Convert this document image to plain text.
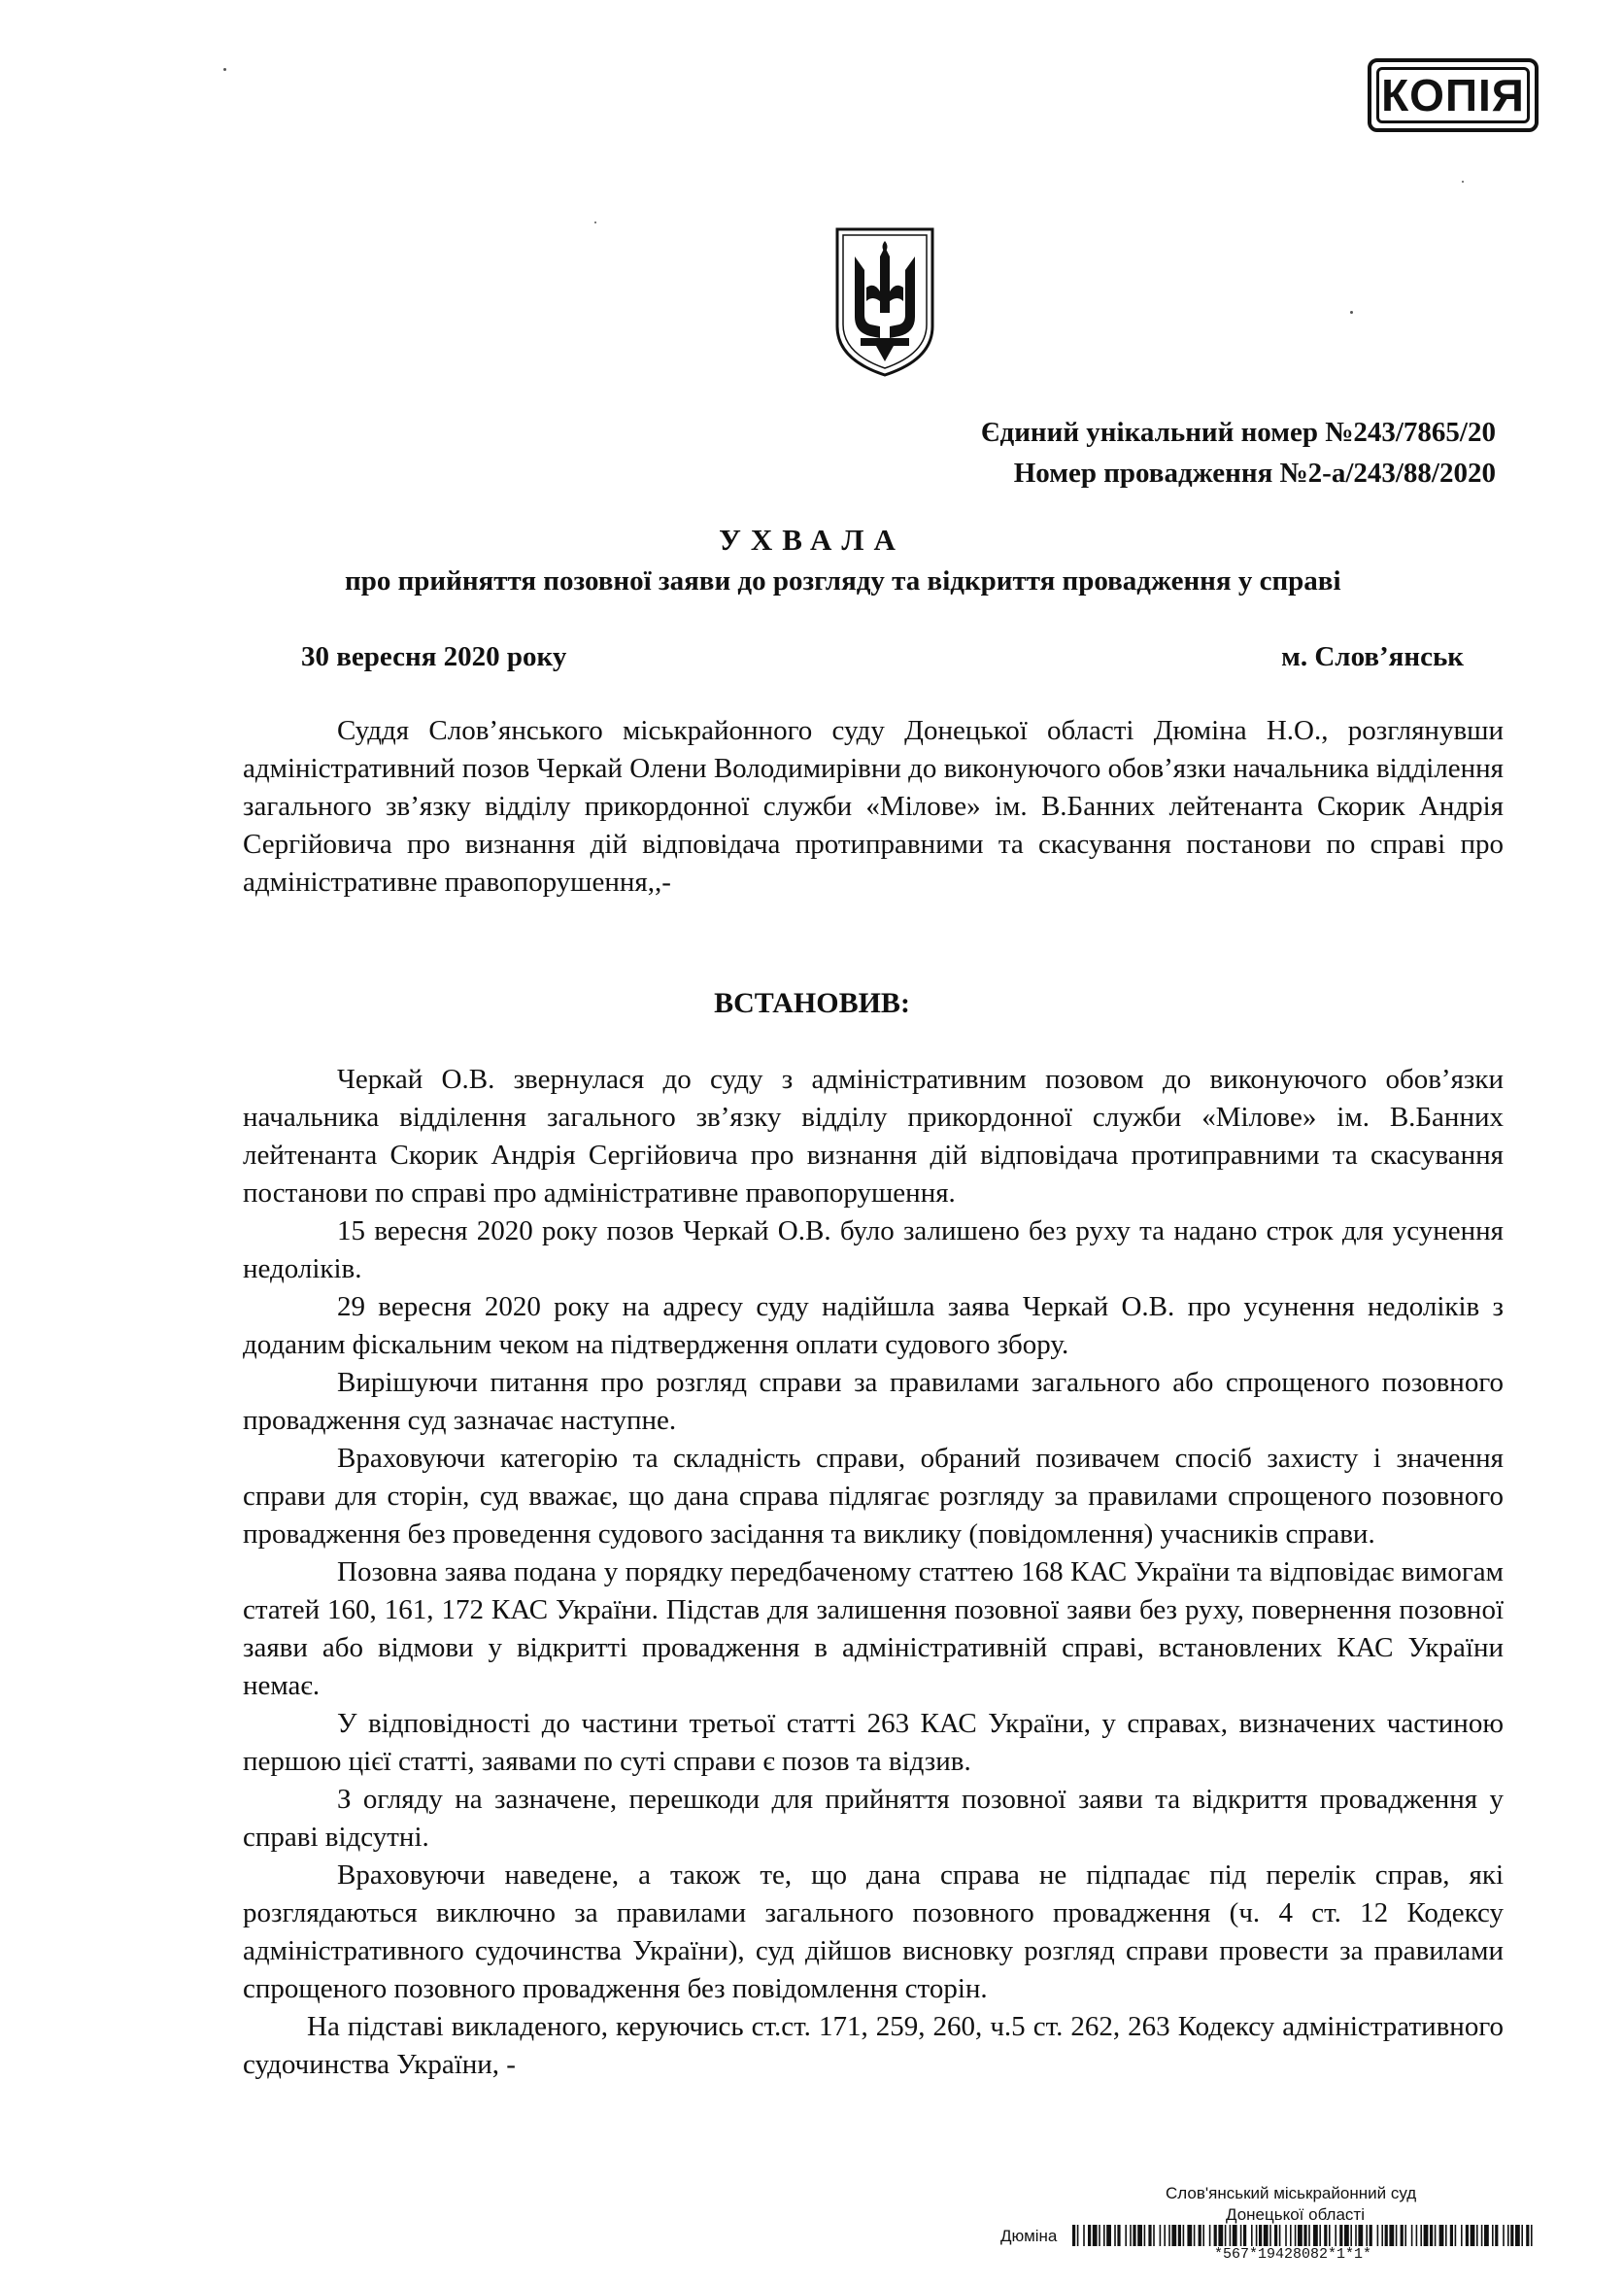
КОПІЯ
Єдиний унікальний номер №243/7865/20
Номер провадження №2-а/243/88/2020
УХВАЛА
про прийняття позовної заяви до розгляду та відкриття провадження у справі
30 вересня 2020 року	м. Слов’янськ

Суддя Слов’янського міськрайонного суду Донецької області Дюміна Н.О., розглянувши адміністративний позов Черкай Олени Володимирівни до виконуючого обов’язки начальника відділення загального зв’язку відділу прикордонної служби «Мілове» ім. В.Банних лейтенанта Скорик Андрія Сергійовича про визнання дій відповідача протиправними та скасування постанови по справі про адміністративне правопорушення,,-

ВСТАНОВИВ:

Черкай О.В. звернулася до суду з адміністративним позовом до виконуючого обов’язки начальника відділення загального зв’язку відділу прикордонної служби «Мілове» ім. В.Банних лейтенанта Скорик Андрія Сергійовича про визнання дій відповідача протиправними та скасування постанови по справі про адміністративне правопорушення.

15 вересня 2020 року позов Черкай О.В. було залишено без руху та надано строк для усунення недоліків.

29 вересня 2020 року на адресу суду надійшла заява Черкай О.В. про усунення недоліків з доданим фіскальним чеком на підтвердження оплати судового збору.

Вирішуючи питання про розгляд справи за правилами загального або спрощеного позовного провадження суд зазначає наступне.

Враховуючи категорію та складність справи, обраний позивачем спосіб захисту і значення справи для сторін, суд вважає, що дана справа підлягає розгляду за правилами спрощеного позовного провадження без проведення судового засідання та виклику (повідомлення) учасників справи.

Позовна заява подана у порядку передбаченому статтею 168 КАС України та відповідає вимогам статей 160, 161, 172 КАС України. Підстав для залишення позовної заяви без руху, повернення позовної заяви або відмови у відкритті провадження в адміністративній справі, встановлених КАС України немає.

У відповідності до частини третьої статті 263 КАС України, у справах, визначених частиною першою цієї статті, заявами по суті справи є позов та відзив.

З огляду на зазначене, перешкоди для прийняття позовної заяви та відкриття провадження у справі відсутні.

Враховуючи наведене, а також те, що дана справа не підпадає під перелік справ, які розглядаються виключно за правилами загального позовного провадження (ч. 4 ст. 12 Кодексу адміністративного судочинства України), суд дійшов висновку розгляд справи провести за правилами спрощеного позовного провадження без повідомлення сторін.

На підставі викладеного, керуючись ст.ст. 171, 259, 260, ч.5 ст. 262, 263 Кодексу адміністративного судочинства України, -

Слов'янський міськрайонний суд
Донецької області
Дюміна
*567*19428082*1*1*
